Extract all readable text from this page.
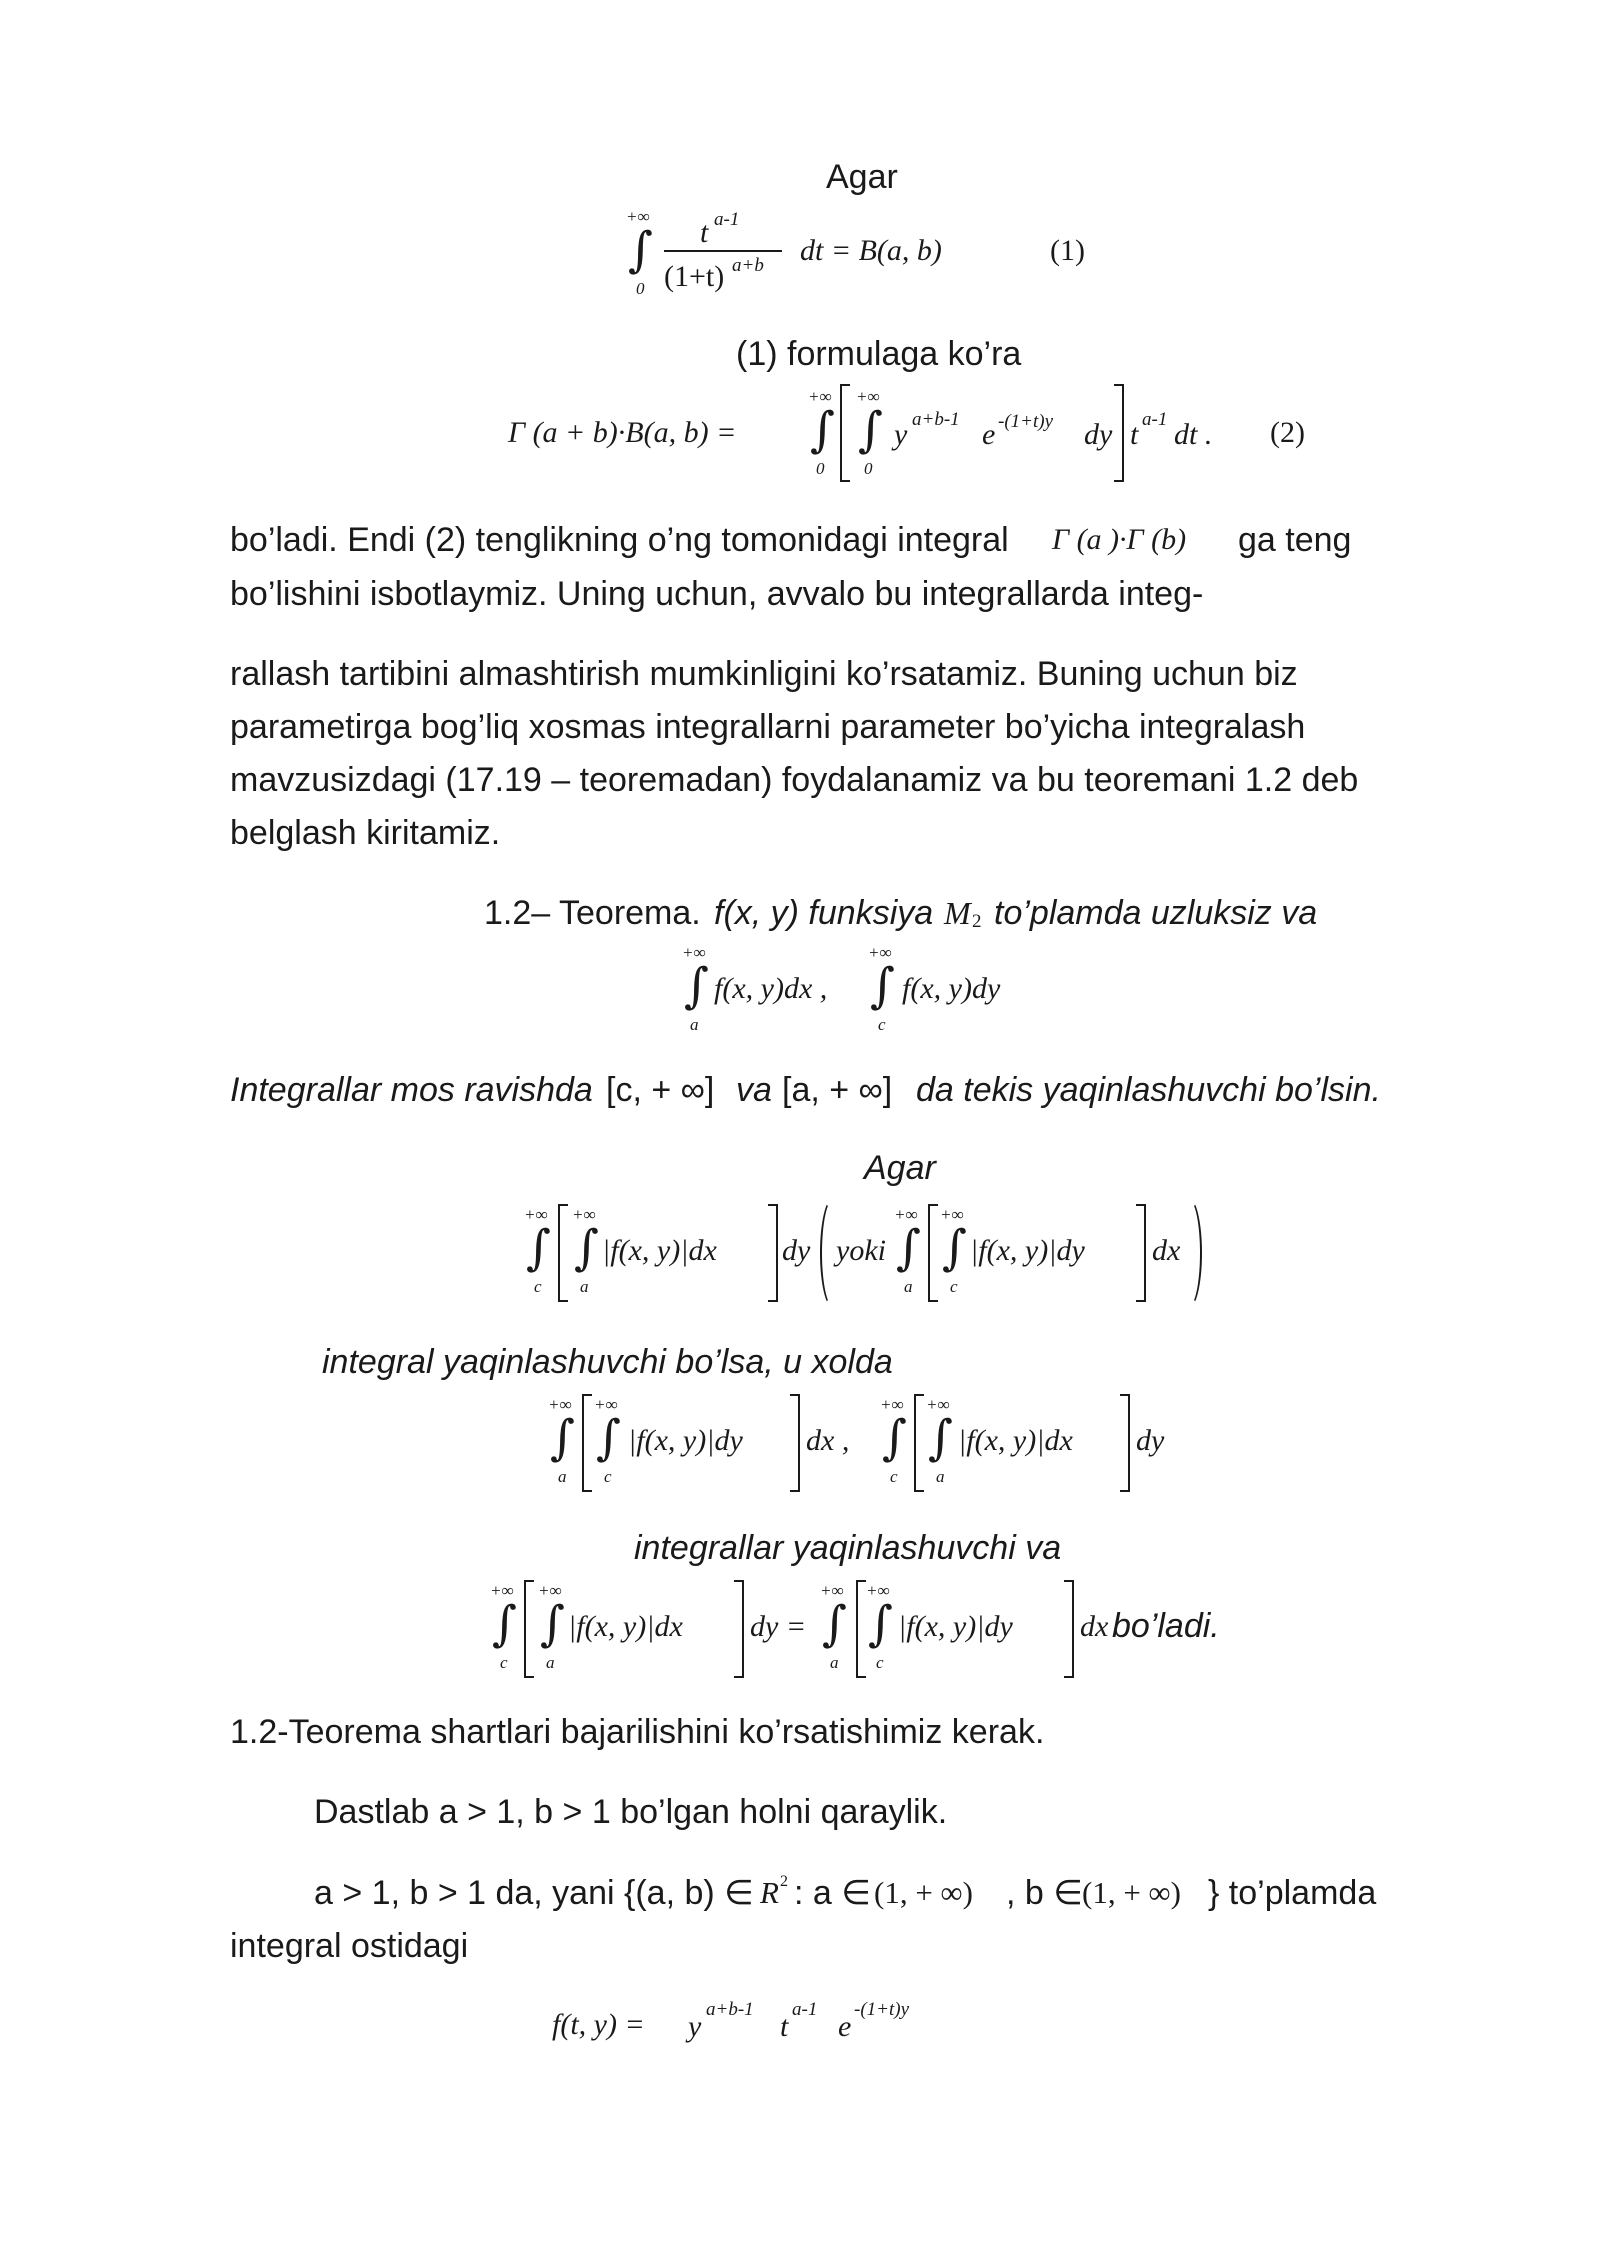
Agar
+∞
∫
0
t a-1
(1+t) a+b dt = B(a, b)	(1)
(1) formulaga ko’ra
Γ (a + b)·B(a, b) =
+∞
∫
0
+∞
∫
0
y a+b-1 e -(1+t)y dy t a-1 dt . (2)
bo’ladi. Endi (2) tenglikning o’ng tomonidagi integral Γ (a )·Γ (b) ga teng
bo’lishini isbotlaymiz. Uning uchun, avvalo bu integrallarda integ-
rallash tartibini almashtirish mumkinligini ko’rsatamiz. Buning uchun biz
parametirga bog’liq xosmas integrallarni parameter bo’yicha integralash
mavzusizdagi (17.19 – teoremadan) foydalanamiz va bu teoremani 1.2 deb
belglash kiritamiz.
1.2– Teorema. f(x, y) funksiya M 2 to’plamda uzluksiz va
+∞
∫
a
f(x, y)dx ,
+∞
∫
c
f(x, y)dy
Integrallar mos ravishda [c, + ∞] va [a, + ∞] da tekis yaqinlashuvchi bo’lsin.
Agar
+∞
∫
c
+∞
∫
a
|f(x, y)|dx dy yoki
+∞
∫
a
+∞
∫
c
|f(x, y)|dy dx
integral yaqinlashuvchi bo’lsa, u xolda
+∞
∫
a
+∞
∫
c
|f(x, y)|dy dx ,
+∞
∫
c
+∞
∫
a
|f(x, y)|dx dy
integrallar yaqinlashuvchi va
+∞
∫
c
+∞
∫
a
|f(x, y)|dx dy =
+∞
∫
a
+∞
∫
c
|f(x, y)|dy dx bo’ladi.
1.2-Teorema shartlari bajarilishini ko’rsatishimiz kerak.
Dastlab a > 1, b > 1 bo’lgan holni qaraylik.
a > 1, b > 1 da, yani {(a, b) ∈ R 2 : a ∈ (1, + ∞) , b ∈ (1, + ∞) } to’plamda
integral ostidagi
f(t, y) = y
a+b-1
t
a-1
e
-(1+t)y
